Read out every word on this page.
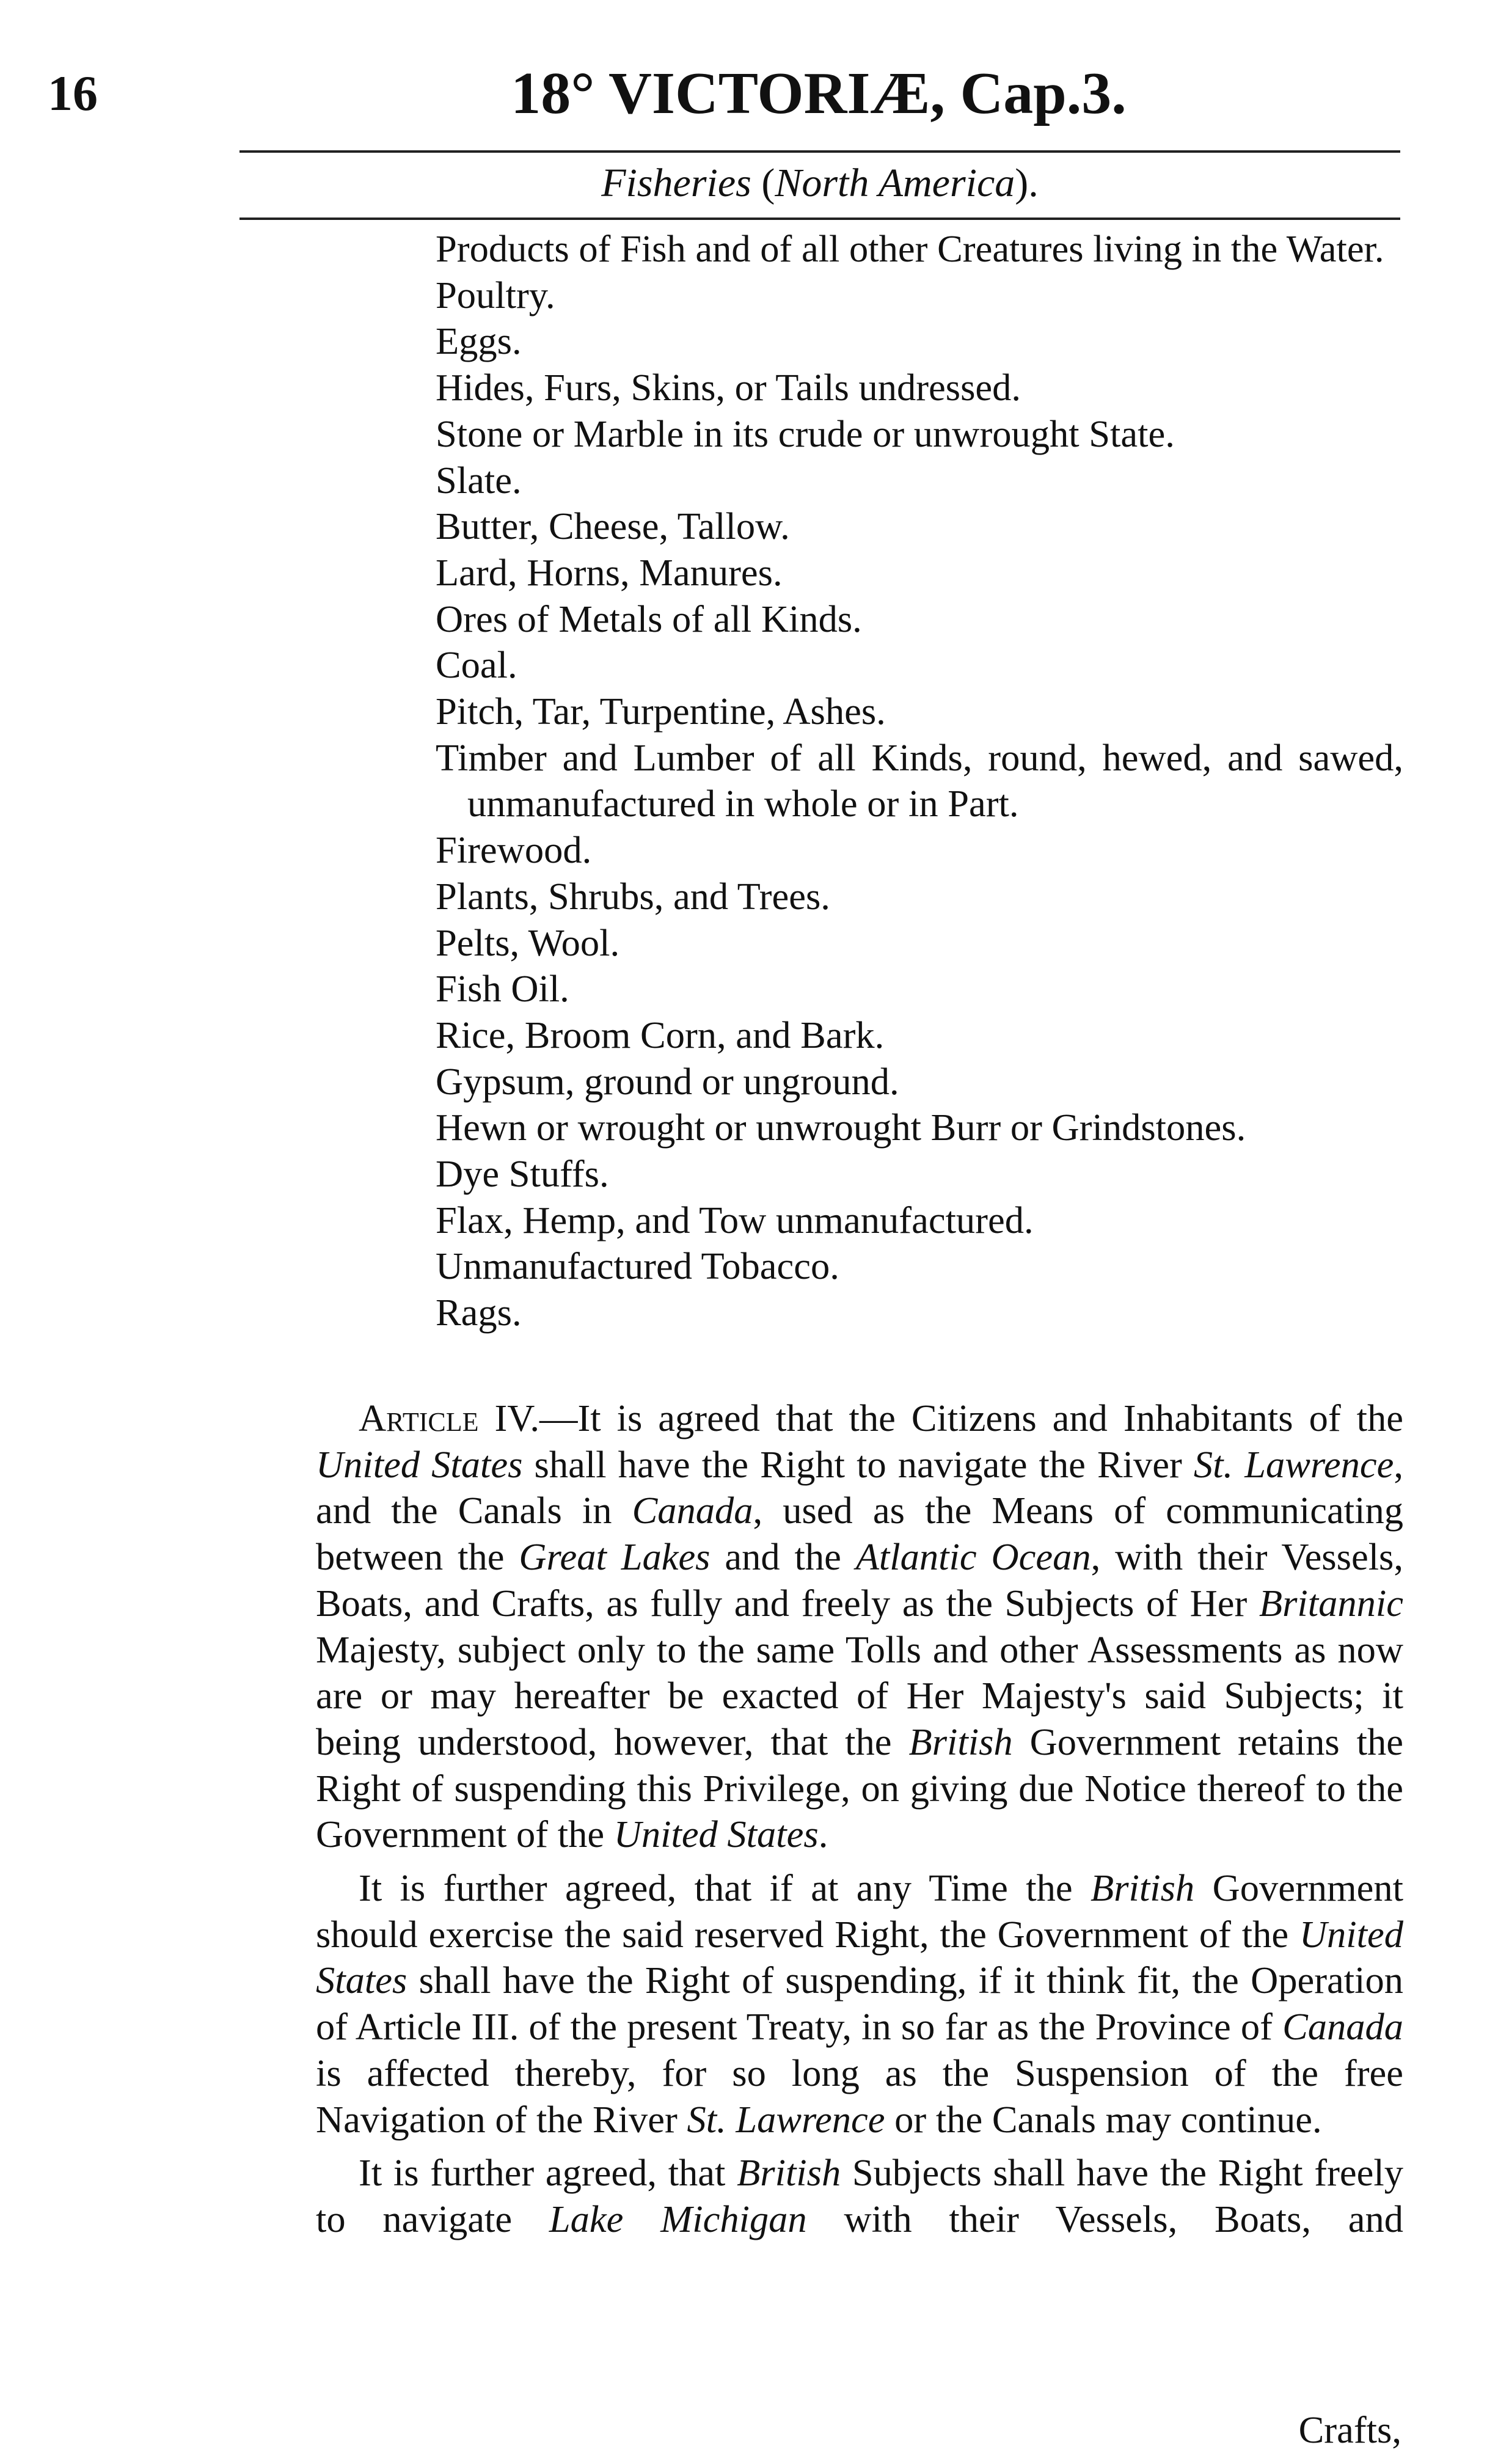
16	18° VICTORIÆ, Cap.3.
Fisheries (North America).
Products of Fish and of all other Creatures living in the Water.
Poultry.
Eggs.
Hides, Furs, Skins, or Tails undressed.
Stone or Marble in its crude or unwrought State.
Slate.
Butter, Cheese, Tallow.
Lard, Horns, Manures.
Ores of Metals of all Kinds.
Coal.
Pitch, Tar, Turpentine, Ashes.
Timber and Lumber of all Kinds, round, hewed, and sawed, unmanufactured in whole or in Part.
Firewood.
Plants, Shrubs, and Trees.
Pelts, Wool.
Fish Oil.
Rice, Broom Corn, and Bark.
Gypsum, ground or unground.
Hewn or wrought or unwrought Burr or Grindstones.
Dye Stuffs.
Flax, Hemp, and Tow unmanufactured.
Unmanufactured Tobacco.
Rags.

Article IV.—It is agreed that the Citizens and Inhabitants of the United States shall have the Right to navigate the River St. Lawrence, and the Canals in Canada, used as the Means of communicating between the Great Lakes and the Atlantic Ocean, with their Vessels, Boats, and Crafts, as fully and freely as the Subjects of Her Britannic Majesty, subject only to the same Tolls and other Assessments as now are or may hereafter be exacted of Her Majesty's said Subjects; it being understood, however, that the British Government retains the Right of suspending this Privilege, on giving due Notice thereof to the Government of the United States.

It is further agreed, that if at any Time the British Government should exercise the said reserved Right, the Government of the United States shall have the Right of suspending, if it think fit, the Operation of Article III. of the present Treaty, in so far as the Province of Canada is affected thereby, for so long as the Suspension of the free Navigation of the River St. Lawrence or the Canals may continue.

It is further agreed, that British Subjects shall have the Right freely to navigate Lake Michigan with their Vessels, Boats, and

Crafts,
